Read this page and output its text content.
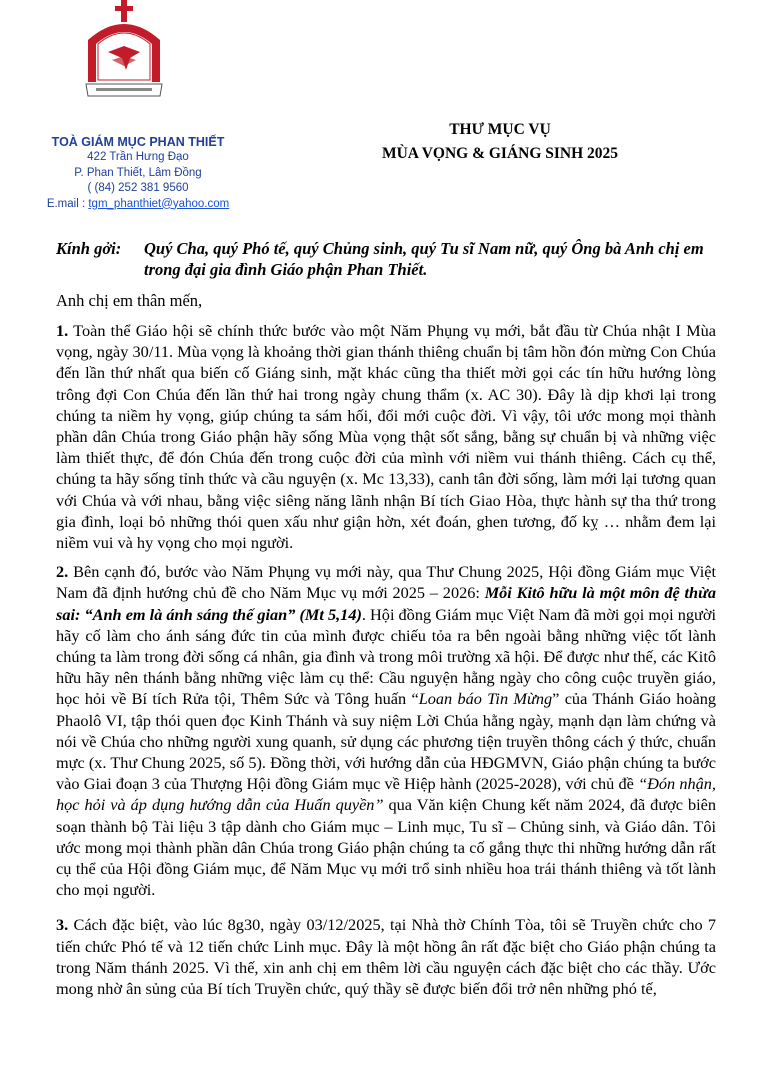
TOÀ GIÁM MỤC PHAN THIẾT
422 Trần Hưng Đạo
P. Phan Thiết, Lâm Đồng
( (84) 252 381 9560
E.mail : tgm_phanthiet@yahoo.com
THƯ MỤC VỤ
MÙA VỌNG & GIÁNG SINH 2025
Kính gởi: Quý Cha, quý Phó tế, quý Chủng sinh, quý Tu sĩ Nam nữ, quý Ông bà Anh chị em
trong đại gia đình Giáo phận Phan Thiết.
Anh chị em thân mến,

1. Toàn thể Giáo hội sẽ chính thức bước vào một Năm Phụng vụ mới, bắt đầu từ Chúa nhật I Mùa vọng, ngày 30/11. Mùa vọng là khoảng thời gian thánh thiêng chuẩn bị tâm hồn đón mừng Con Chúa đến lần thứ nhất qua biến cố Giáng sinh, mặt khác cũng tha thiết mời gọi các tín hữu hướng lòng trông đợi Con Chúa đến lần thứ hai trong ngày chung thẩm (x. AC 30). Đây là dịp khơi lại trong chúng ta niềm hy vọng, giúp chúng ta sám hối, đổi mới cuộc đời. Vì vậy, tôi ước mong mọi thành phần dân Chúa trong Giáo phận hãy sống Mùa vọng thật sốt sắng, bằng sự chuẩn bị và những việc làm thiết thực, để đón Chúa đến trong cuộc đời của mình với niềm vui thánh thiêng. Cách cụ thể, chúng ta hãy sống tỉnh thức và cầu nguyện (x. Mc 13,33), canh tân đời sống, làm mới lại tương quan với Chúa và với nhau, bằng việc siêng năng lãnh nhận Bí tích Giao Hòa, thực hành sự tha thứ trong gia đình, loại bỏ những thói quen xấu như giận hờn, xét đoán, ghen tương, đố kỵ … nhằm đem lại niềm vui và hy vọng cho mọi người.

2. Bên cạnh đó, bước vào Năm Phụng vụ mới này, qua Thư Chung 2025, Hội đồng Giám mục Việt Nam đã định hướng chủ đề cho Năm Mục vụ mới 2025 – 2026: Mỗi Kitô hữu là một môn đệ thừa sai: “Anh em là ánh sáng thế gian” (Mt 5,14). Hội đồng Giám mục Việt Nam đã mời gọi mọi người hãy cố làm cho ánh sáng đức tin của mình được chiếu tỏa ra bên ngoài bằng những việc tốt lành chúng ta làm trong đời sống cá nhân, gia đình và trong môi trường xã hội. Để được như thế, các Kitô hữu hãy nên thánh bằng những việc làm cụ thể: Cầu nguyện hằng ngày cho công cuộc truyền giáo, học hỏi về Bí tích Rửa tội, Thêm Sức và Tông huấn “Loan báo Tin Mừng” của Thánh Giáo hoàng Phaolô VI, tập thói quen đọc Kinh Thánh và suy niệm Lời Chúa hằng ngày, mạnh dạn làm chứng và nói về Chúa cho những người xung quanh, sử dụng các phương tiện truyền thông cách ý thức, chuẩn mực (x. Thư Chung 2025, số 5). Đồng thời, với hướng dẫn của HĐGMVN, Giáo phận chúng ta bước vào Giai đoạn 3 của Thượng Hội đồng Giám mục về Hiệp hành (2025-2028), với chủ đề “Đón nhận, học hỏi và áp dụng hướng dẫn của Huấn quyền” qua Văn kiện Chung kết năm 2024, đã được biên soạn thành bộ Tài liệu 3 tập dành cho Giám mục – Linh mục, Tu sĩ – Chủng sinh, và Giáo dân. Tôi ước mong mọi thành phần dân Chúa trong Giáo phận chúng ta cố gắng thực thi những hướng dẫn rất cụ thể của Hội đồng Giám mục, để Năm Mục vụ mới trổ sinh nhiều hoa trái thánh thiêng và tốt lành cho mọi người.

3. Cách đặc biệt, vào lúc 8g30, ngày 03/12/2025, tại Nhà thờ Chính Tòa, tôi sẽ Truyền chức cho 7 tiến chức Phó tế và 12 tiến chức Linh mục. Đây là một hồng ân rất đặc biệt cho Giáo phận chúng ta trong Năm thánh 2025. Vì thế, xin anh chị em thêm lời cầu nguyện cách đặc biệt cho các thầy. Ước mong nhờ ân sủng của Bí tích Truyền chức, quý thầy sẽ được biến đổi trở nên những phó tế,
